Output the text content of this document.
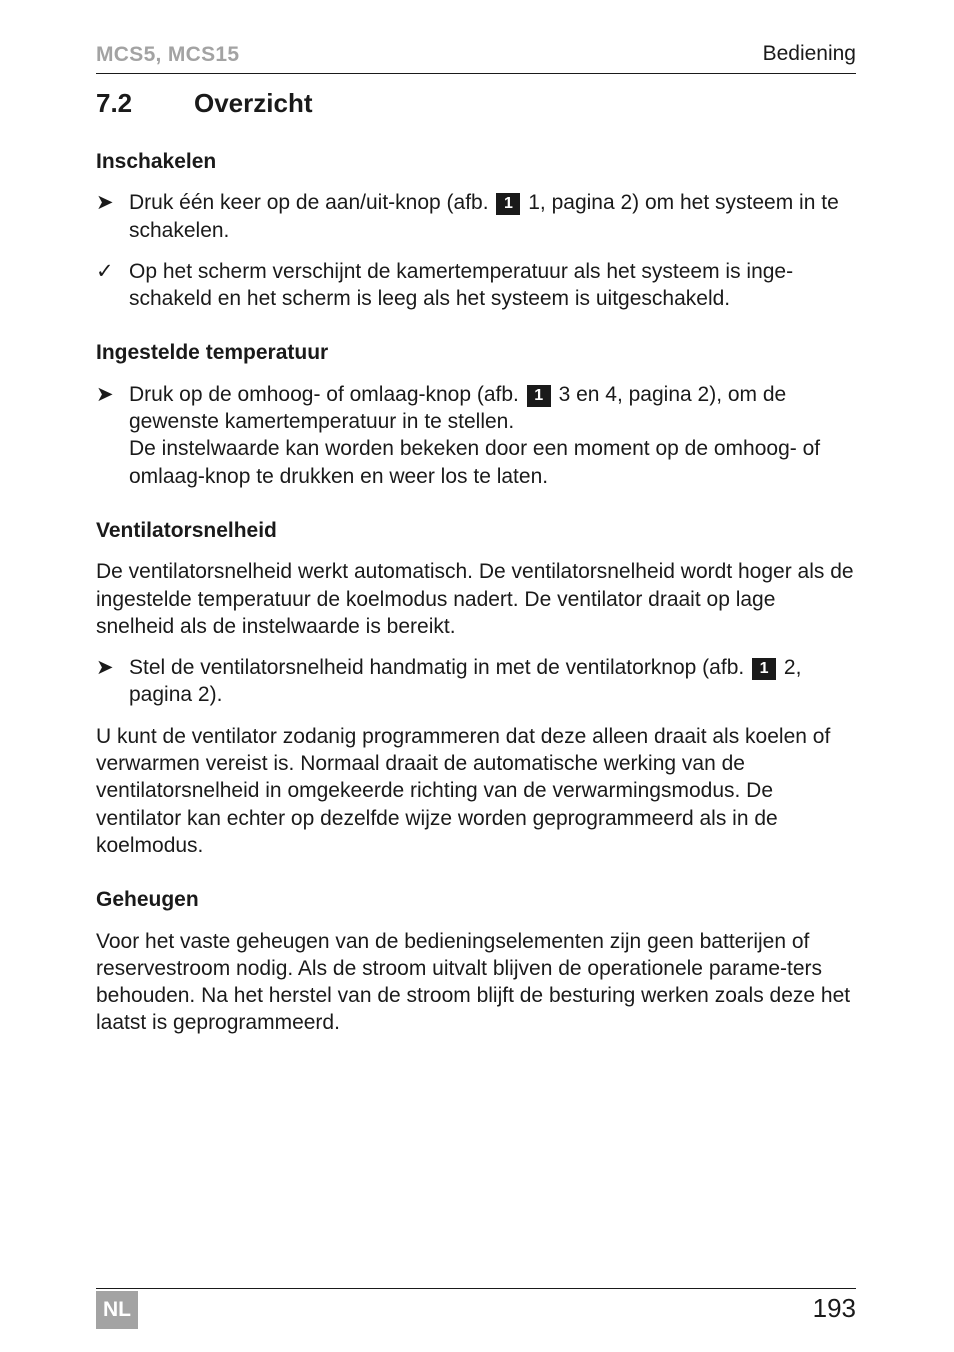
MCS5, MCS15	Bediening
7.2 Overzicht
Inschakelen
➤ Druk één keer op de aan/uit-knop (afb. 1 1, pagina 2) om het systeem in te schakelen.
✓ Op het scherm verschijnt de kamertemperatuur als het systeem is inge-schakeld en het scherm is leeg als het systeem is uitgeschakeld.
Ingestelde temperatuur
➤ Druk op de omhoog- of omlaag-knop (afb. 1 3 en 4, pagina 2), om de gewenste kamertemperatuur in te stellen.
De instelwaarde kan worden bekeken door een moment op de omhoog- of omlaag-knop te drukken en weer los te laten.
Ventilatorsnelheid

De ventilatorsnelheid werkt automatisch. De ventilatorsnelheid wordt hoger als de ingestelde temperatuur de koelmodus nadert. De ventilator draait op lage snelheid als de instelwaarde is bereikt.

➤ Stel de ventilatorsnelheid handmatig in met de ventilatorknop (afb. 1 2, pagina 2).

U kunt de ventilator zodanig programmeren dat deze alleen draait als koelen of verwarmen vereist is. Normaal draait de automatische werking van de ventilatorsnelheid in omgekeerde richting van de verwarmingsmodus. De ventilator kan echter op dezelfde wijze worden geprogrammeerd als in de koelmodus.

Geheugen

Voor het vaste geheugen van de bedieningselementen zijn geen batterijen of reservestroom nodig. Als de stroom uitvalt blijven de operationele parame-ters behouden. Na het herstel van de stroom blijft de besturing werken zoals deze het laatst is geprogrammeerd.

NL	193
